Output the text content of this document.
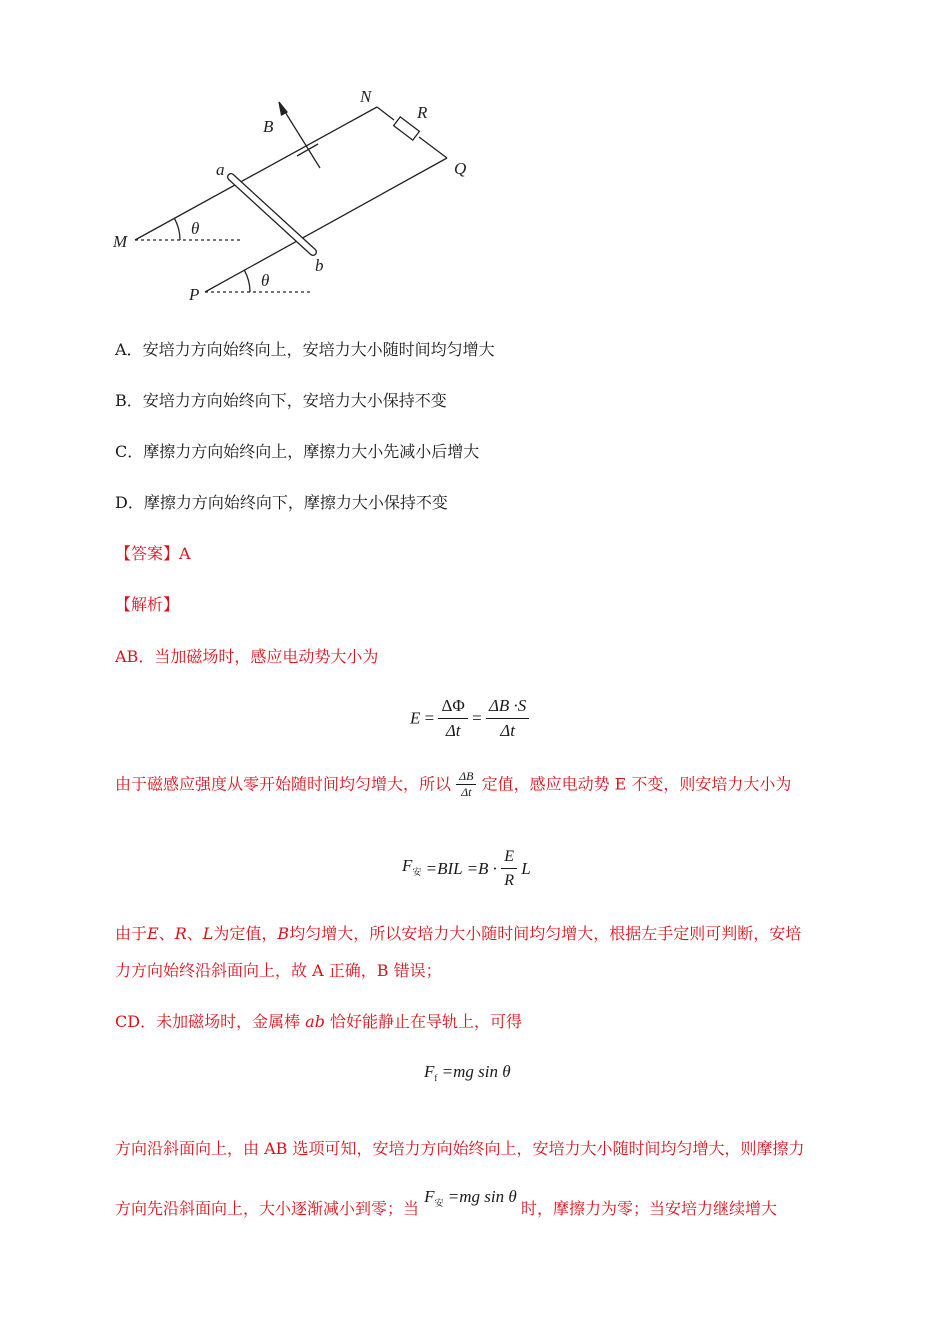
N
R
Q
B
a
b
M
P
θ
θ
A．安培力方向始终向上，安培力大小随时间均匀增大
B．安培力方向始终向下，安培力大小保持不变
C．摩擦力方向始终向上，摩擦力大小先减小后增大
D．摩擦力方向始终向下，摩擦力大小保持不变
【答案】A
【解析】
AB．当加磁场时，感应电动势大小为
$E = \frac{\Delta\Phi}{\Delta t} = \frac{\Delta B \cdot S}{\Delta t}$
由于磁感应强度从零开始随时间均匀增大，所以 $\frac{\Delta B}{\Delta t}$ 定值，感应电动势 E 不变，则安培力大小为
$F_安 =BIL =B \cdot \frac{E}{R}$ L
由于E、R、L为定值，B均匀增大，所以安培力大小随时间均匀增大，根据左手定则可判断，安培
力方向始终沿斜面向上，故 A 正确，B 错误；
CD．未加磁场时，金属棒 ab 恰好能静止在导轨上，可得
$F_f =mg$ sin θ
方向沿斜面向上，由 AB 选项可知，安培力方向始终向上，安培力大小随时间均匀增大，则摩擦力
方向先沿斜面向上，大小逐渐减小到零；当 $F_安 =mg$ sin θ 时，摩擦力为零；当安培力继续增大
